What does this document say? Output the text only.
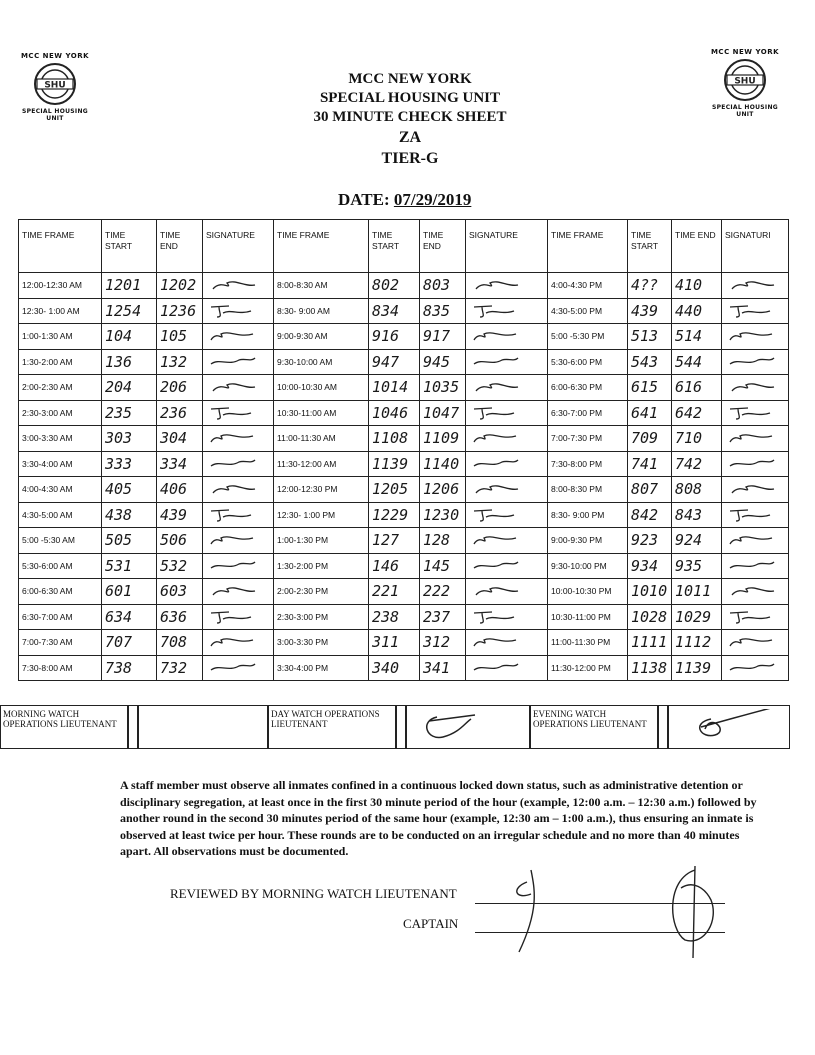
MCC NEW YORK
SHU
SPECIAL HOUSING UNIT
MCC NEW YORK
SHU
SPECIAL HOUSING UNIT
MCC NEW YORK
SPECIAL HOUSING UNIT
30 MINUTE CHECK SHEET
ZA
TIER-G
DATE: 07/29/2019
TIME FRAME	TIME START	TIME END	SIGNATURE	TIME FRAME	TIME START	TIME END	SIGNATURE	TIME FRAME	TIME START	TIME END	SIGNATURI
12:00-12:30 AM	1201	1202		8:00-8:30 AM	802	803		4:00-4:30 PM	4??	410	

12:30- 1:00 AM	1254	1236		8:30- 9:00 AM	834	835		4:30-5:00 PM	439	440	

1:00-1:30 AM	104	105		9:00-9:30 AM	916	917		5:00 -5:30 PM	513	514	

1:30-2:00 AM	136	132		9:30-10:00 AM	947	945		5:30-6:00 PM	543	544	

2:00-2:30 AM	204	206		10:00-10:30 AM	1014	1035		6:00-6:30 PM	615	616	

2:30-3:00 AM	235	236		10:30-11:00 AM	1046	1047		6:30-7:00 PM	641	642	

3:00-3:30 AM	303	304		11:00-11:30 AM	1108	1109		7:00-7:30 PM	709	710	

3:30-4:00 AM	333	334		11:30-12:00 AM	1139	1140		7:30-8:00 PM	741	742	

4:00-4:30 AM	405	406		12:00-12:30 PM	1205	1206		8:00-8:30 PM	807	808	

4:30-5:00 AM	438	439		12:30- 1:00 PM	1229	1230		8:30- 9:00 PM	842	843	

5:00 -5:30 AM	505	506		1:00-1:30 PM	127	128		9:00-9:30 PM	923	924	

5:30-6:00 AM	531	532		1:30-2:00 PM	146	145		9:30-10:00 PM	934	935	

6:00-6:30 AM	601	603		2:00-2:30 PM	221	222		10:00-10:30 PM	1010	1011	

6:30-7:00 AM	634	636		2:30-3:00 PM	238	237		10:30-11:00 PM	1028	1029	

7:00-7:30 AM	707	708		3:00-3:30 PM	311	312		11:00-11:30 PM	1111	1112	

7:30-8:00 AM	738	732		3:30-4:00 PM	340	341		11:30-12:00 PM	1138	1139	
MORNING WATCH OPERATIONS LIEUTENANT
DAY WATCH OPERATIONS LIEUTENANT
EVENING WATCH OPERATIONS LIEUTENANT
A staff member must observe all inmates confined in a continuous locked down status, such as administrative detention or disciplinary segregation, at least once in the first 30 minute period of the hour (example, 12:00 a.m. – 12:30 a.m.) followed by another round in the second 30 minutes period of the same hour (example, 12:30 am – 1:00 a.m.), thus ensuring an inmate is observed at least twice per hour. These rounds are to be conducted on an irregular schedule and no more than 40 minutes apart. All observations must be documented.
REVIEWED BY MORNING WATCH LIEUTENANT
CAPTAIN
